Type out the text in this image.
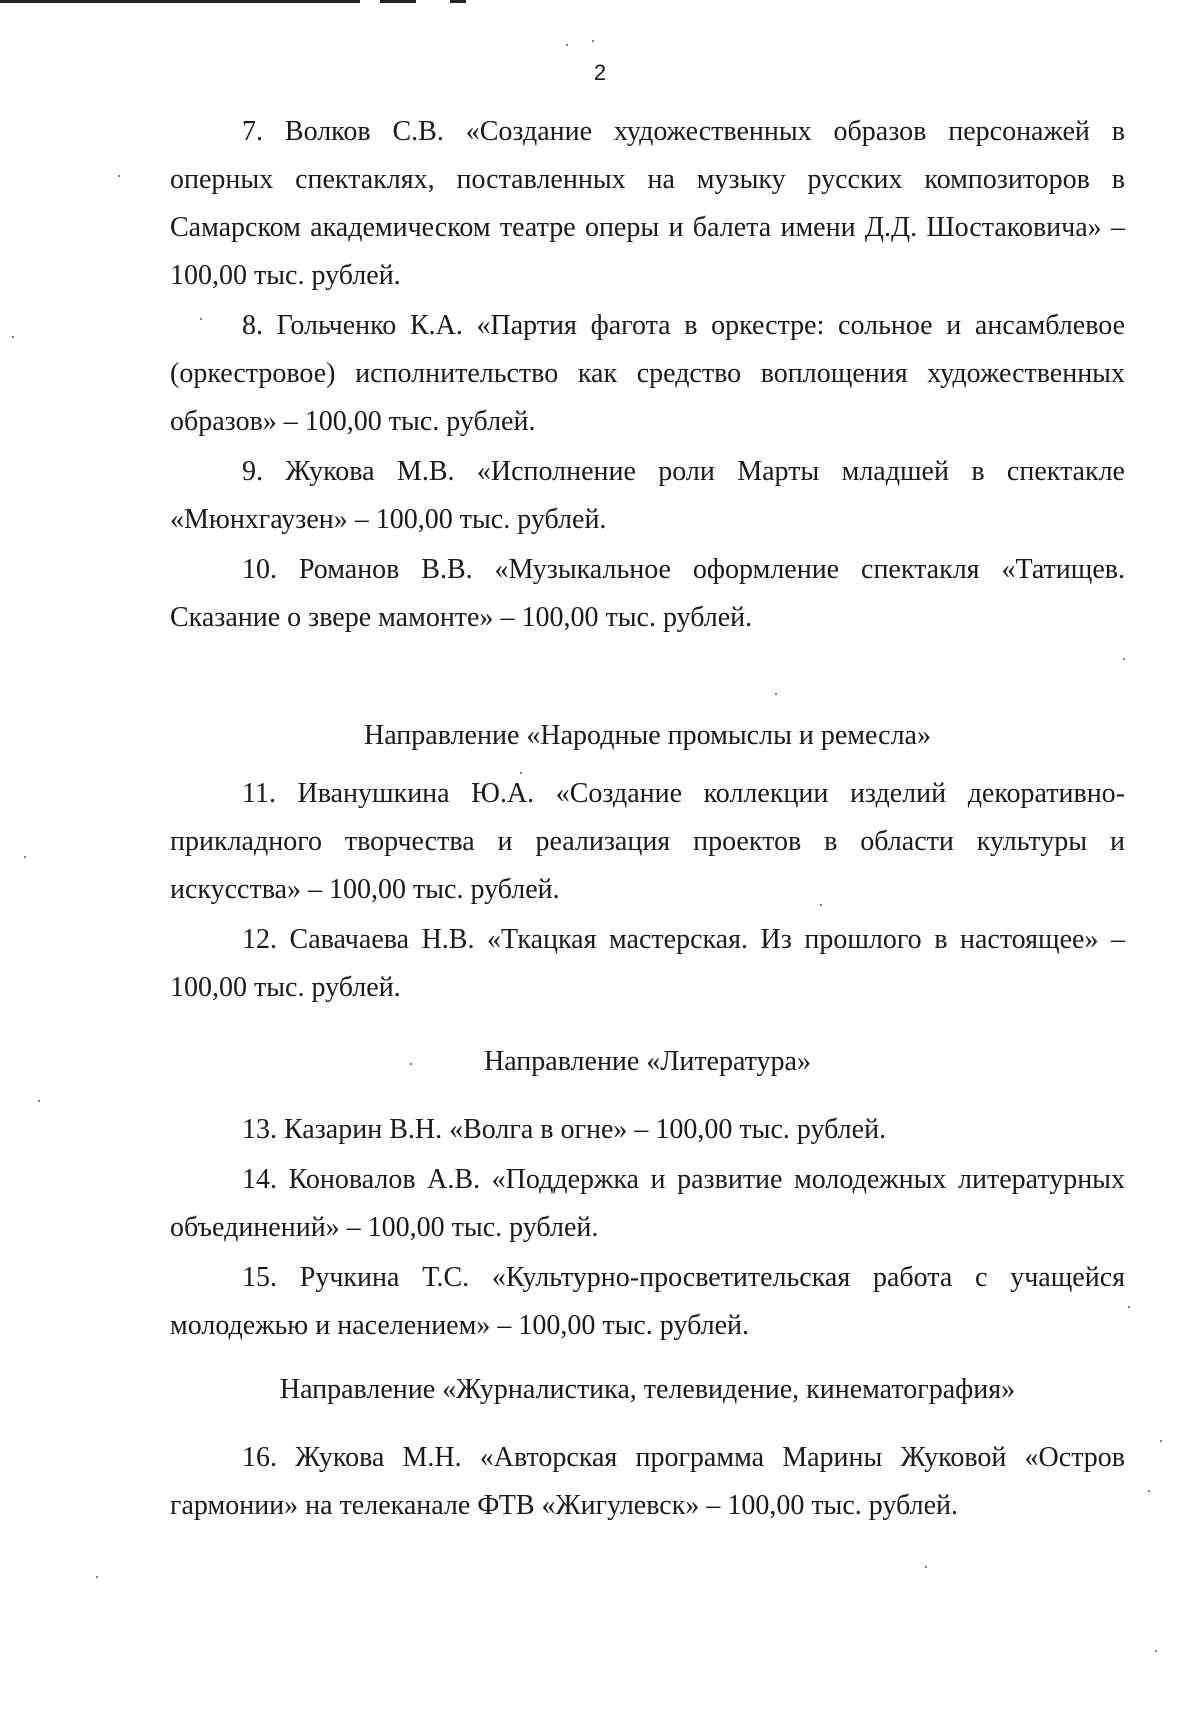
2

7. Волков С.В. «Создание художественных образов персонажей в оперных спектаклях, поставленных на музыку русских композиторов в Самарском академическом театре оперы и балета имени Д.Д. Шостаковича» – 100,00 тыс. рублей.

8. Гольченко К.А. «Партия фагота в оркестре: сольное и ансамблевое (оркестровое) исполнительство как средство воплощения художественных образов» – 100,00 тыс. рублей.

9. Жукова М.В. «Исполнение роли Марты младшей в спектакле «Мюнхгаузен» – 100,00 тыс. рублей.

10. Романов В.В. «Музыкальное оформление спектакля «Татищев. Сказание о звере мамонте» – 100,00 тыс. рублей.

Направление «Народные промыслы и ремесла»

11. Иванушкина Ю.А. «Создание коллекции изделий декоративно-прикладного творчества и реализация проектов в области культуры и искусства» – 100,00 тыс. рублей.

12. Савачаева Н.В. «Ткацкая мастерская. Из прошлого в настоящее» – 100,00 тыс. рублей.

Направление «Литература»

13. Казарин В.Н. «Волга в огне» – 100,00 тыс. рублей.

14. Коновалов А.В. «Поддержка и развитие молодежных литературных объединений» – 100,00 тыс. рублей.

15. Ручкина Т.С. «Культурно-просветительская работа с учащейся молодежью и населением» – 100,00 тыс. рублей.

Направление «Журналистика, телевидение, кинематография»

16. Жукова М.Н. «Авторская программа Марины Жуковой «Остров гармонии» на телеканале ФТВ «Жигулевск» – 100,00 тыс. рублей.
